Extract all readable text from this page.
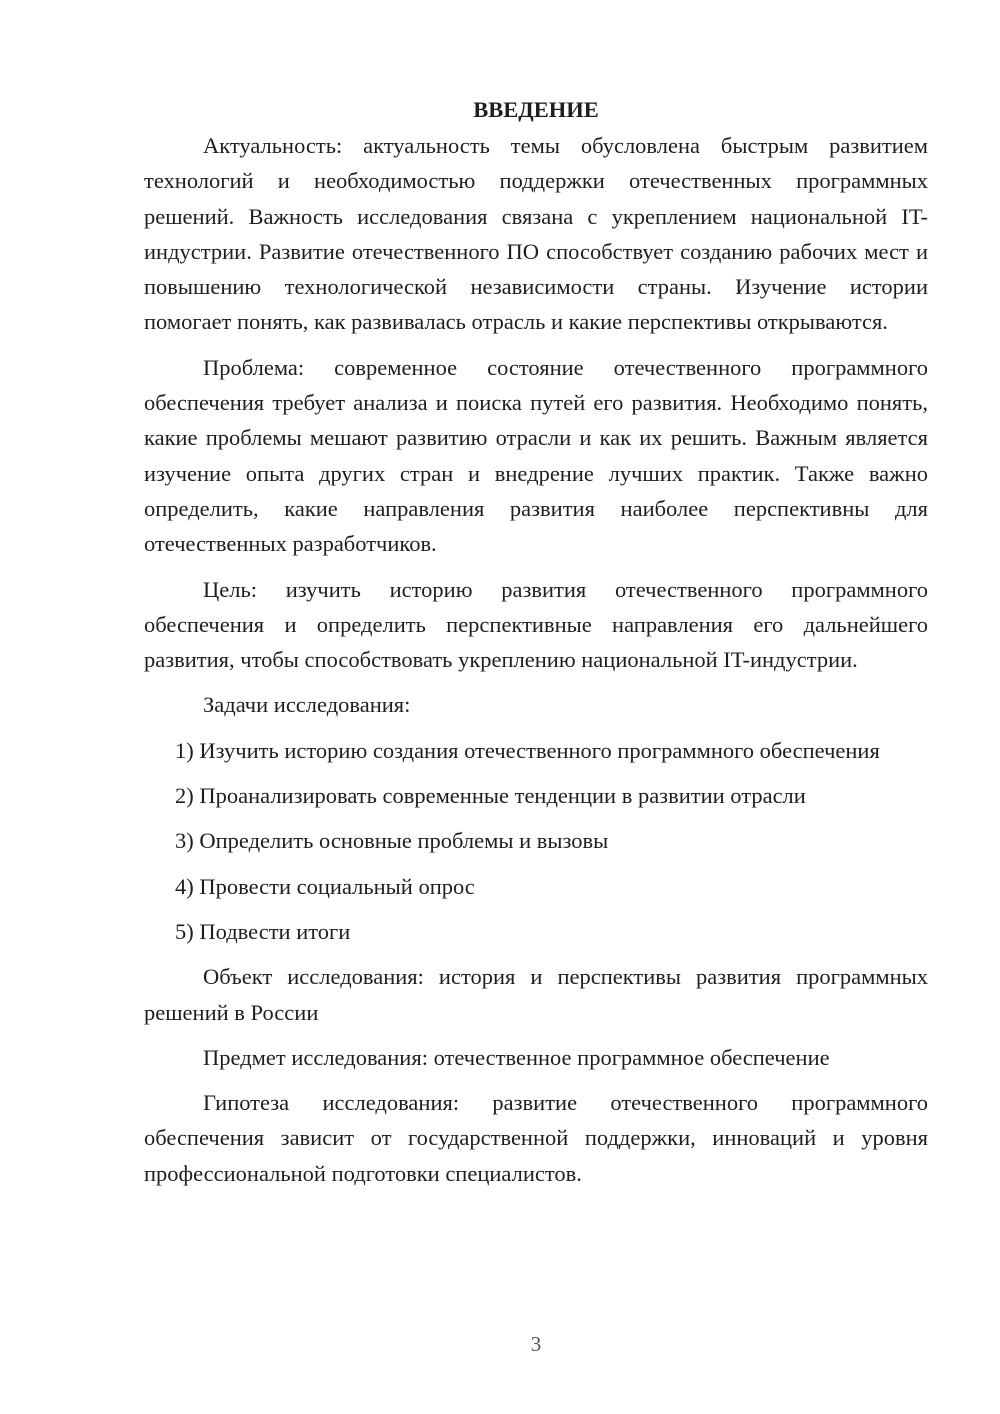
ВВЕДЕНИЕ

Актуальность: актуальность темы обусловлена быстрым развитием технологий и необходимостью поддержки отечественных программных решений. Важность исследования связана с укреплением национальной IT-индустрии. Развитие отечественного ПО способствует созданию рабочих мест и повышению технологической независимости страны. Изучение истории помогает понять, как развивалась отрасль и какие перспективы открываются.

Проблема: современное состояние отечественного программного обеспечения требует анализа и поиска путей его развития. Необходимо понять, какие проблемы мешают развитию отрасли и как их решить. Важным является изучение опыта других стран и внедрение лучших практик. Также важно определить, какие направления развития наиболее перспективны для отечественных разработчиков.

Цель: изучить историю развития отечественного программного обеспечения и определить перспективные направления его дальнейшего развития, чтобы способствовать укреплению национальной IT-индустрии.

Задачи исследования:

1) Изучить историю создания отечественного программного обеспечения

2) Проанализировать современные тенденции в развитии отрасли

3) Определить основные проблемы и вызовы

4) Провести социальный опрос

5) Подвести итоги

Объект исследования: история и перспективы развития программных решений в России

Предмет исследования: отечественное программное обеспечение

Гипотеза исследования: развитие отечественного программного обеспечения зависит от государственной поддержки, инноваций и уровня профессиональной подготовки специалистов.

3
